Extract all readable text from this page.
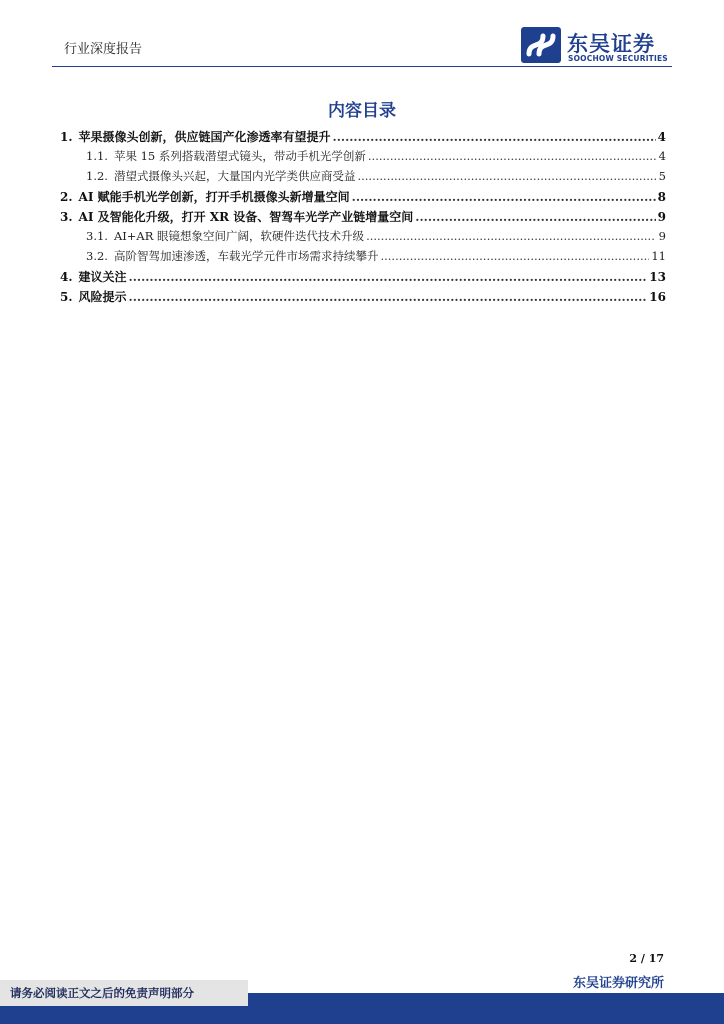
行业深度报告	东吴证券
SOOCHOW SECURITIES
内容目录
1. 苹果摄像头创新，供应链国产化渗透率有望提升 .....	4
1.1. 苹果 15 系列搭载潜望式镜头，带动手机光学创新 .....	4
1.2. 潜望式摄像头兴起，大量国内光学类供应商受益 .....	5
2. AI 赋能手机光学创新，打开手机摄像头新增量空间 .....	8
3. AI 及智能化升级，打开 XR 设备、智驾车光学产业链增量空间 .....	9
3.1. AI+AR 眼镜想象空间广阔，软硬件迭代技术升级 .....	9
3.2. 高阶智驾加速渗透，车载光学元件市场需求持续攀升 .....	11
4. 建议关注 .....	13
5. 风险提示 .....	16
2 / 17
东吴证券研究所
请务必阅读正文之后的免责声明部分
